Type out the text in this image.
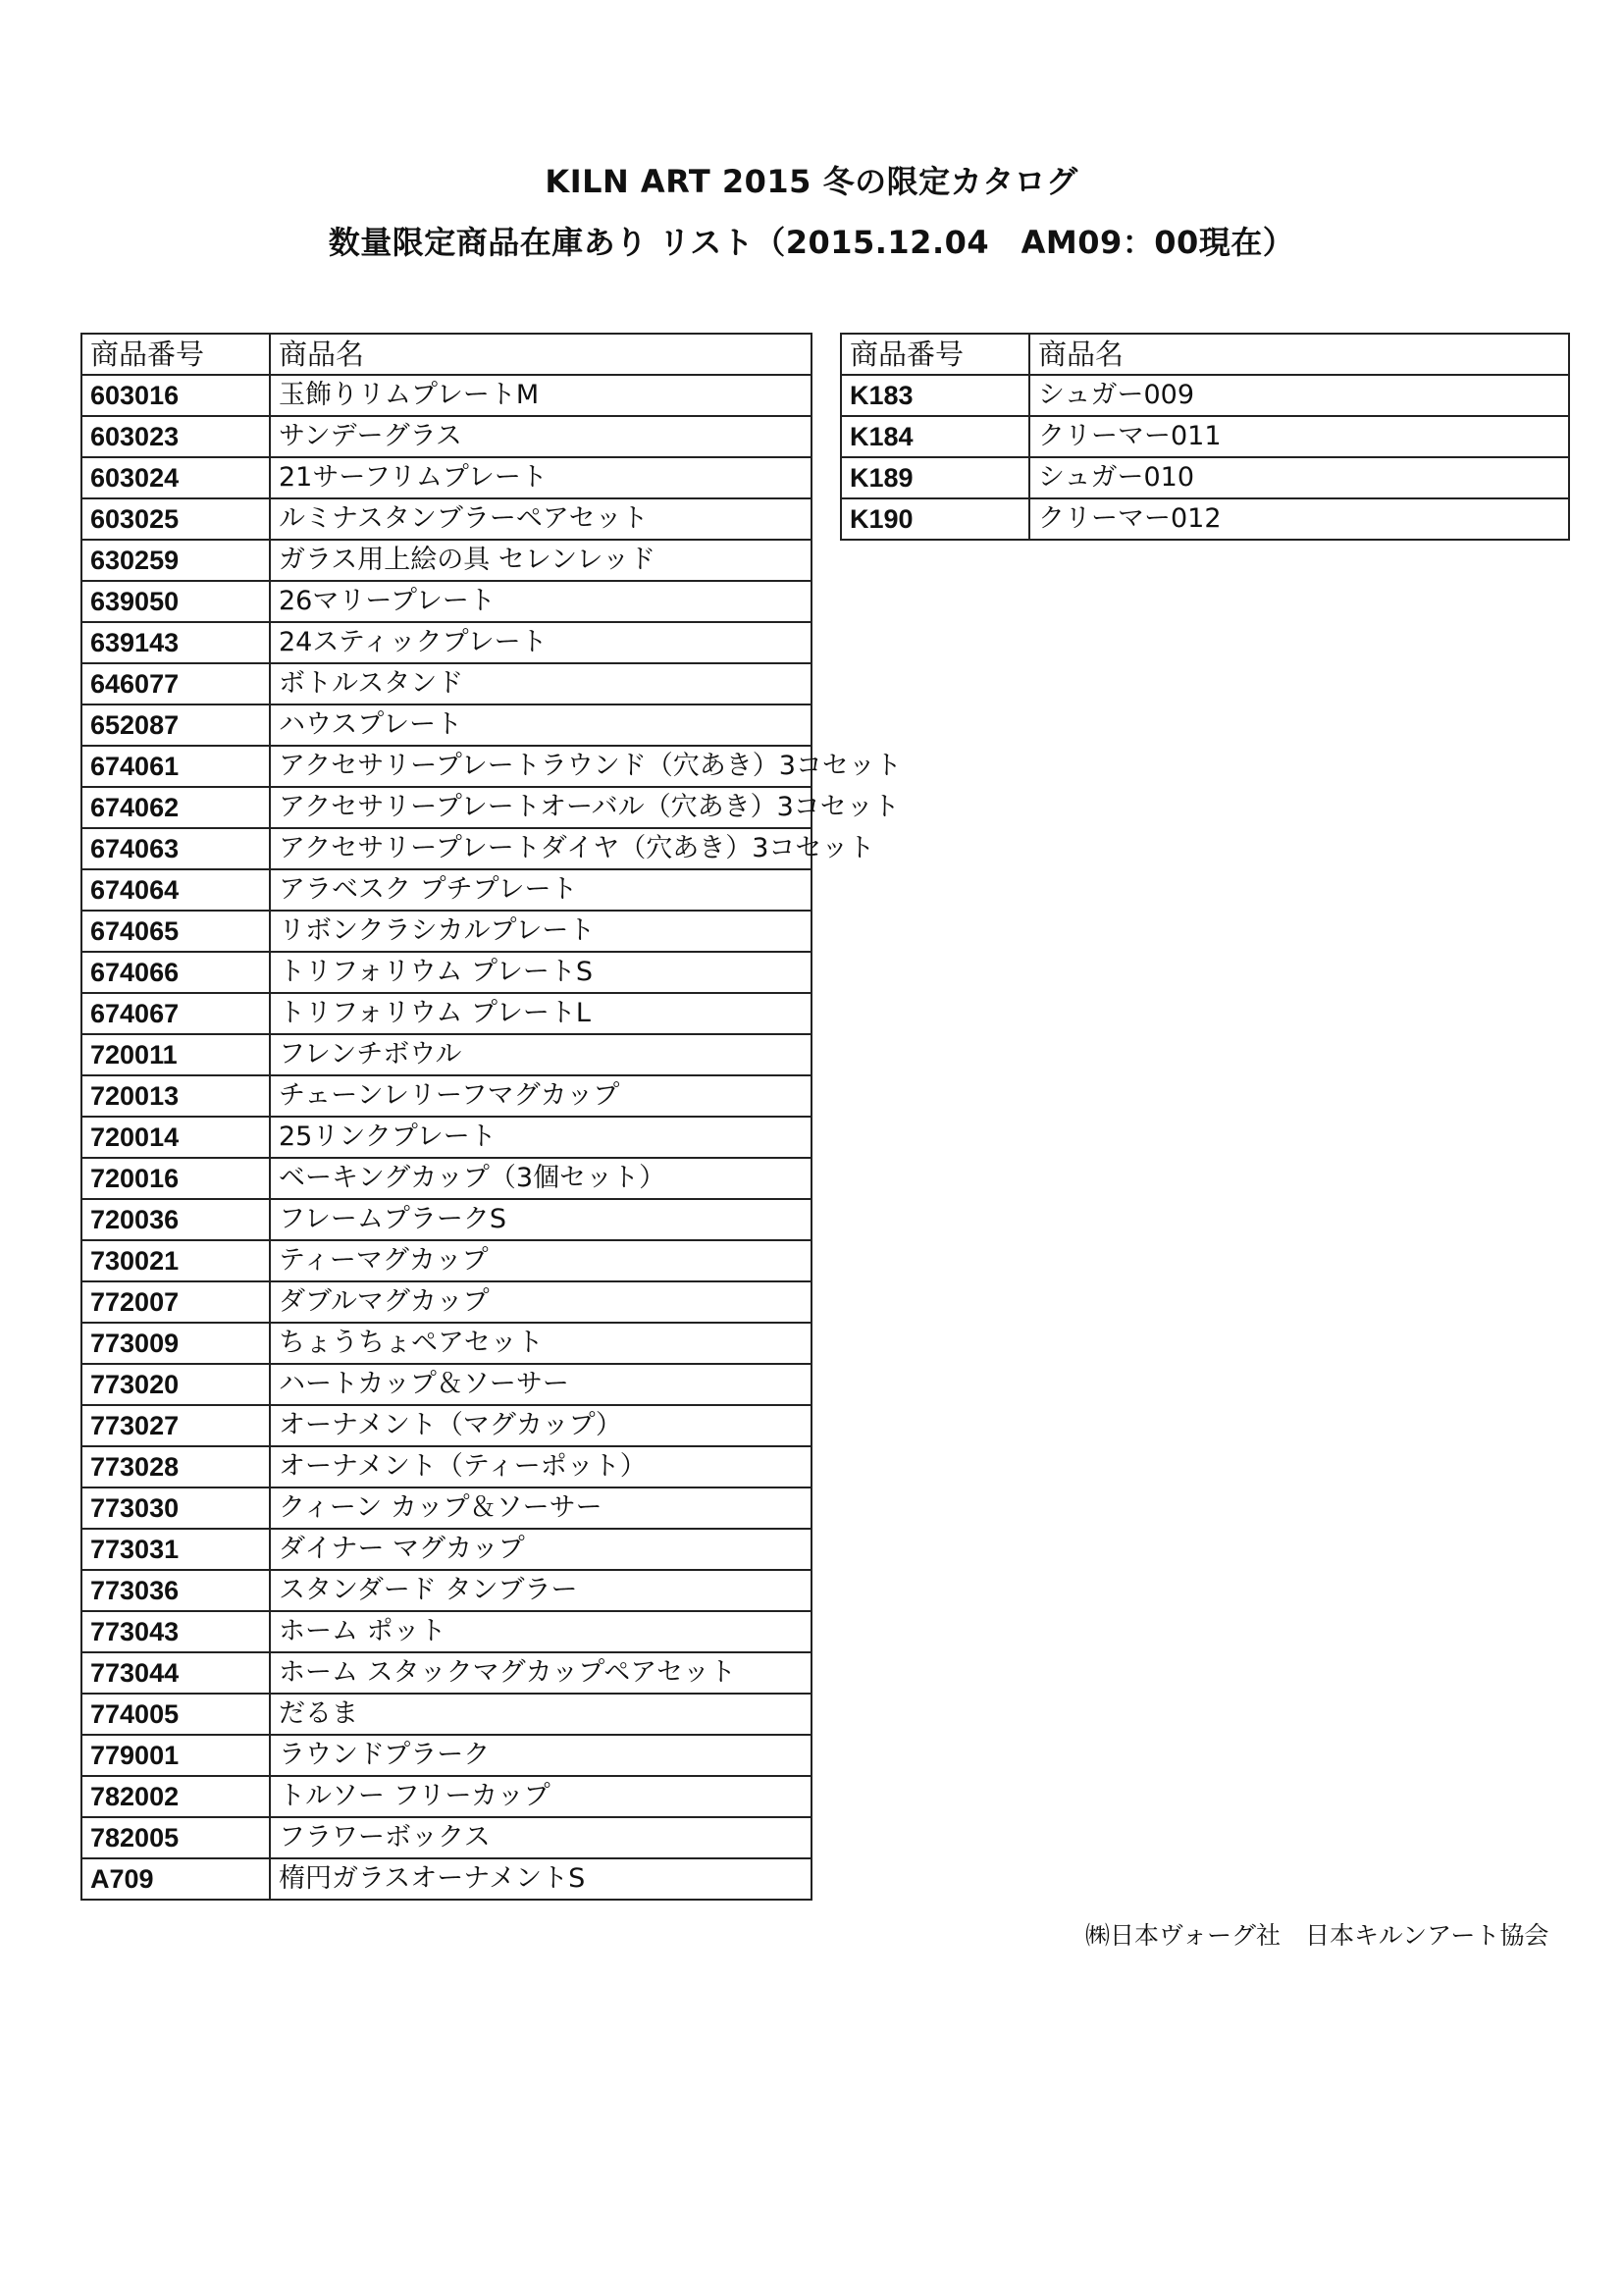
KILN ART 2015 冬の限定カタログ
数量限定商品在庫あり リスト（2015.12.04　AM09：00現在）
商品番号	商品名
603016	玉飾りリムプレートM
603023	サンデーグラス
603024	21サーフリムプレート
603025	ルミナスタンブラーペアセット
630259	ガラス用上絵の具 セレンレッド
639050	26マリープレート
639143	24スティックプレート
646077	ボトルスタンド
652087	ハウスプレート
674061	アクセサリープレートラウンド（穴あき）3コセット
674062	アクセサリープレートオーバル（穴あき）3コセット
674063	アクセサリープレートダイヤ（穴あき）3コセット
674064	アラベスク プチプレート
674065	リボンクラシカルプレート
674066	トリフォリウム プレートS
674067	トリフォリウム プレートL
720011	フレンチボウル
720013	チェーンレリーフマグカップ
720014	25リンクプレート
720016	ベーキングカップ（3個セット）
720036	フレームプラークS
730021	ティーマグカップ
772007	ダブルマグカップ
773009	ちょうちょペアセット
773020	ハートカップ＆ソーサー
773027	オーナメント（マグカップ）
773028	オーナメント（ティーポット）
773030	クィーン カップ＆ソーサー
773031	ダイナー マグカップ
773036	スタンダード タンブラー
773043	ホーム ポット
773044	ホーム スタックマグカップペアセット
774005	だるま
779001	ラウンドプラーク
782002	トルソー フリーカップ
782005	フラワーボックス
A709	楕円ガラスオーナメントS
商品番号	商品名
K183	シュガー009
K184	クリーマー011
K189	シュガー010
K190	クリーマー012
㈱日本ヴォーグ社　日本キルンアート協会
